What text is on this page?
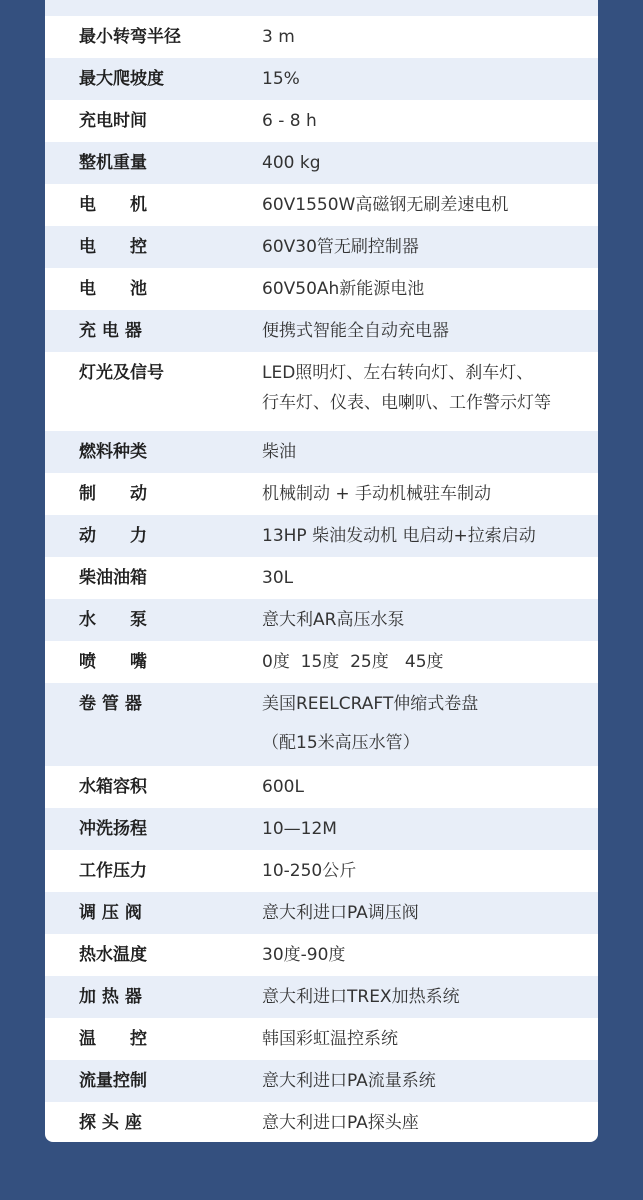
最小转弯半径	3 m
最大爬坡度	15%
充电时间	6 - 8 h
整机重量	400 kg
电　　机	60V1550W高磁钢无刷差速电机
电　　控	60V30管无刷控制器
电　　池	60V50Ah新能源电池
充 电 器	便携式智能全自动充电器
灯光及信号	LED照明灯、左右转向灯、刹车灯、
行车灯、仪表、电喇叭、工作警示灯等
燃料种类	柴油
制　　动	机械制动 + 手动机械驻车制动
动　　力	13HP 柴油发动机 电启动+拉索启动
柴油油箱	30L
水　　泵	意大利AR高压水泵
喷　　嘴	0度  15度  25度   45度
卷 管 器	美国REELCRAFT伸缩式卷盘
（配15米高压水管）
水箱容积	600L
冲洗扬程	10—12M
工作压力	10-250公斤
调 压 阀	意大利进口PA调压阀
热水温度	30度-90度
加 热 器	意大利进口TREX加热系统
温　　控	韩国彩虹温控系统
流量控制	意大利进口PA流量系统
探 头 座	意大利进口PA探头座
